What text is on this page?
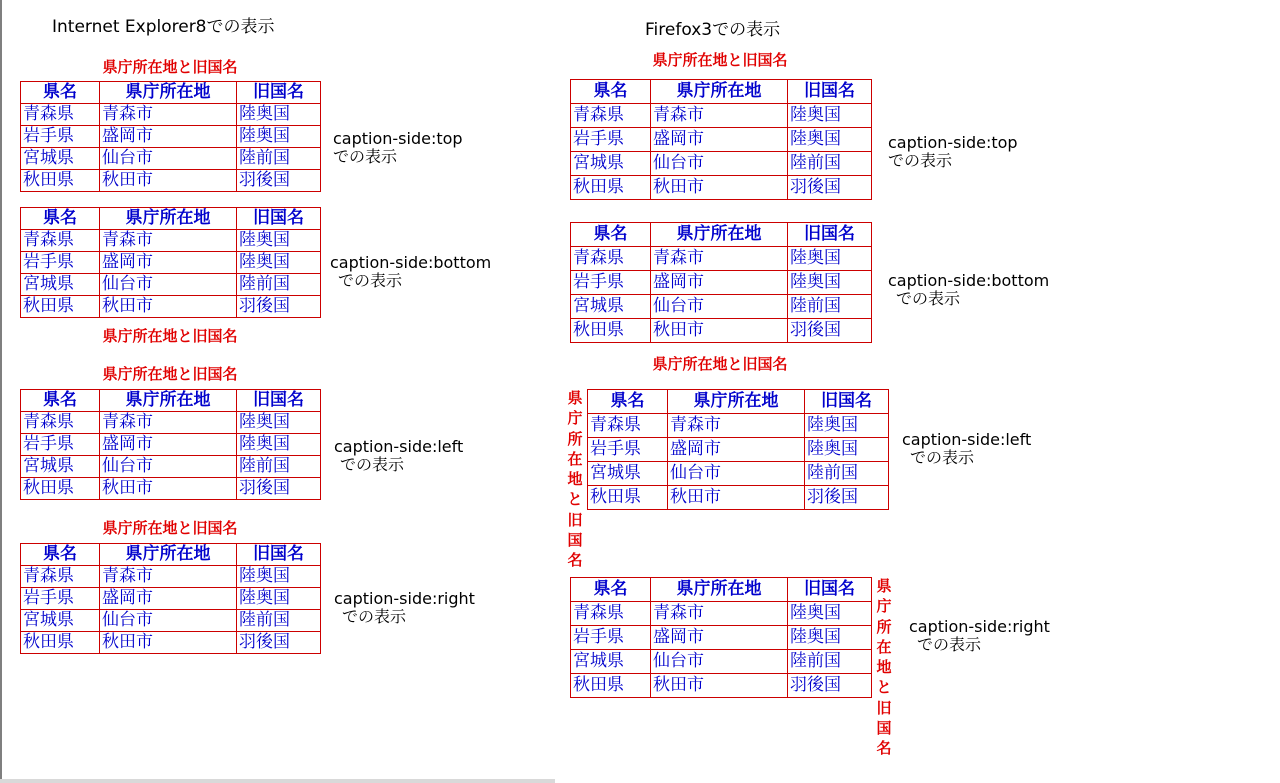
Internet Explorer8での表示
県庁所在地と旧国名
県名	県庁所在地	旧国名
青森県	青森市	陸奥国
岩手県	盛岡市	陸奥国
宮城県	仙台市	陸前国
秋田県	秋田市	羽後国
caption-side:top
での表示
県名	県庁所在地	旧国名
青森県	青森市	陸奥国
岩手県	盛岡市	陸奥国
宮城県	仙台市	陸前国
秋田県	秋田市	羽後国
県庁所在地と旧国名
caption-side:bottom
での表示
県庁所在地と旧国名
県名	県庁所在地	旧国名
青森県	青森市	陸奥国
岩手県	盛岡市	陸奥国
宮城県	仙台市	陸前国
秋田県	秋田市	羽後国
caption-side:left
での表示
県庁所在地と旧国名
県名	県庁所在地	旧国名
青森県	青森市	陸奥国
岩手県	盛岡市	陸奥国
宮城県	仙台市	陸前国
秋田県	秋田市	羽後国
caption-side:right
での表示
Firefox3での表示
県庁所在地と旧国名
県名	県庁所在地	旧国名
青森県	青森市	陸奥国
岩手県	盛岡市	陸奥国
宮城県	仙台市	陸前国
秋田県	秋田市	羽後国
caption-side:top
での表示
県名	県庁所在地	旧国名
青森県	青森市	陸奥国
岩手県	盛岡市	陸奥国
宮城県	仙台市	陸前国
秋田県	秋田市	羽後国
県庁所在地と旧国名
caption-side:bottom
での表示
県庁所在地と旧国名
県名	県庁所在地	旧国名
青森県	青森市	陸奥国
岩手県	盛岡市	陸奥国
宮城県	仙台市	陸前国
秋田県	秋田市	羽後国
caption-side:left
での表示
県名	県庁所在地	旧国名
青森県	青森市	陸奥国
岩手県	盛岡市	陸奥国
宮城県	仙台市	陸前国
秋田県	秋田市	羽後国
県庁所在地と旧国名
caption-side:right
での表示
